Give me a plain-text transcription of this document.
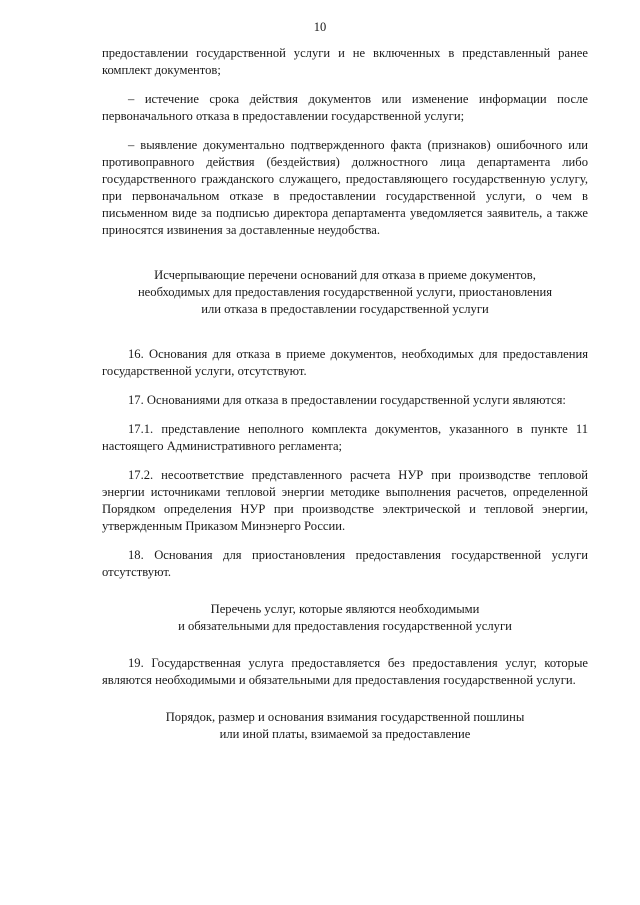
10

предоставлении государственной услуги и не включенных в представленный ранее комплект документов;

– истечение срока действия документов или изменение информации после первоначального отказа в предоставлении государственной услуги;

– выявление документально подтвержденного факта (признаков) ошибочного или противоправного действия (бездействия) должностного лица департамента либо государственного гражданского служащего, предоставляющего государственную услугу, при первоначальном отказе в предоставлении государственной услуги, о чем в письменном виде за подписью директора департамента уведомляется заявитель, а также приносятся извинения за доставленные неудобства.

Исчерпывающие перечени оснований для отказа в приеме документов,
необходимых для предоставления государственной услуги, приостановления
или отказа в предоставлении государственной услуги

16. Основания для отказа в приеме документов, необходимых для предоставления государственной услуги, отсутствуют.

17. Основаниями для отказа в предоставлении государственной услуги являются:

17.1. представление неполного комплекта документов, указанного в пункте 11 настоящего Административного регламента;

17.2. несоответствие представленного расчета НУР при производстве тепловой энергии источниками тепловой энергии методике выполнения расчетов, определенной Порядком определения НУР при производстве электрической и тепловой энергии, утвержденным Приказом Минэнерго России.

18. Основания для приостановления предоставления государственной услуги отсутствуют.

Перечень услуг, которые являются необходимыми
и обязательными для предоставления государственной услуги

19. Государственная услуга предоставляется без предоставления услуг, которые являются необходимыми и обязательными для предоставления государственной услуги.

Порядок, размер и основания взимания государственной пошлины
или иной платы, взимаемой за предоставление
